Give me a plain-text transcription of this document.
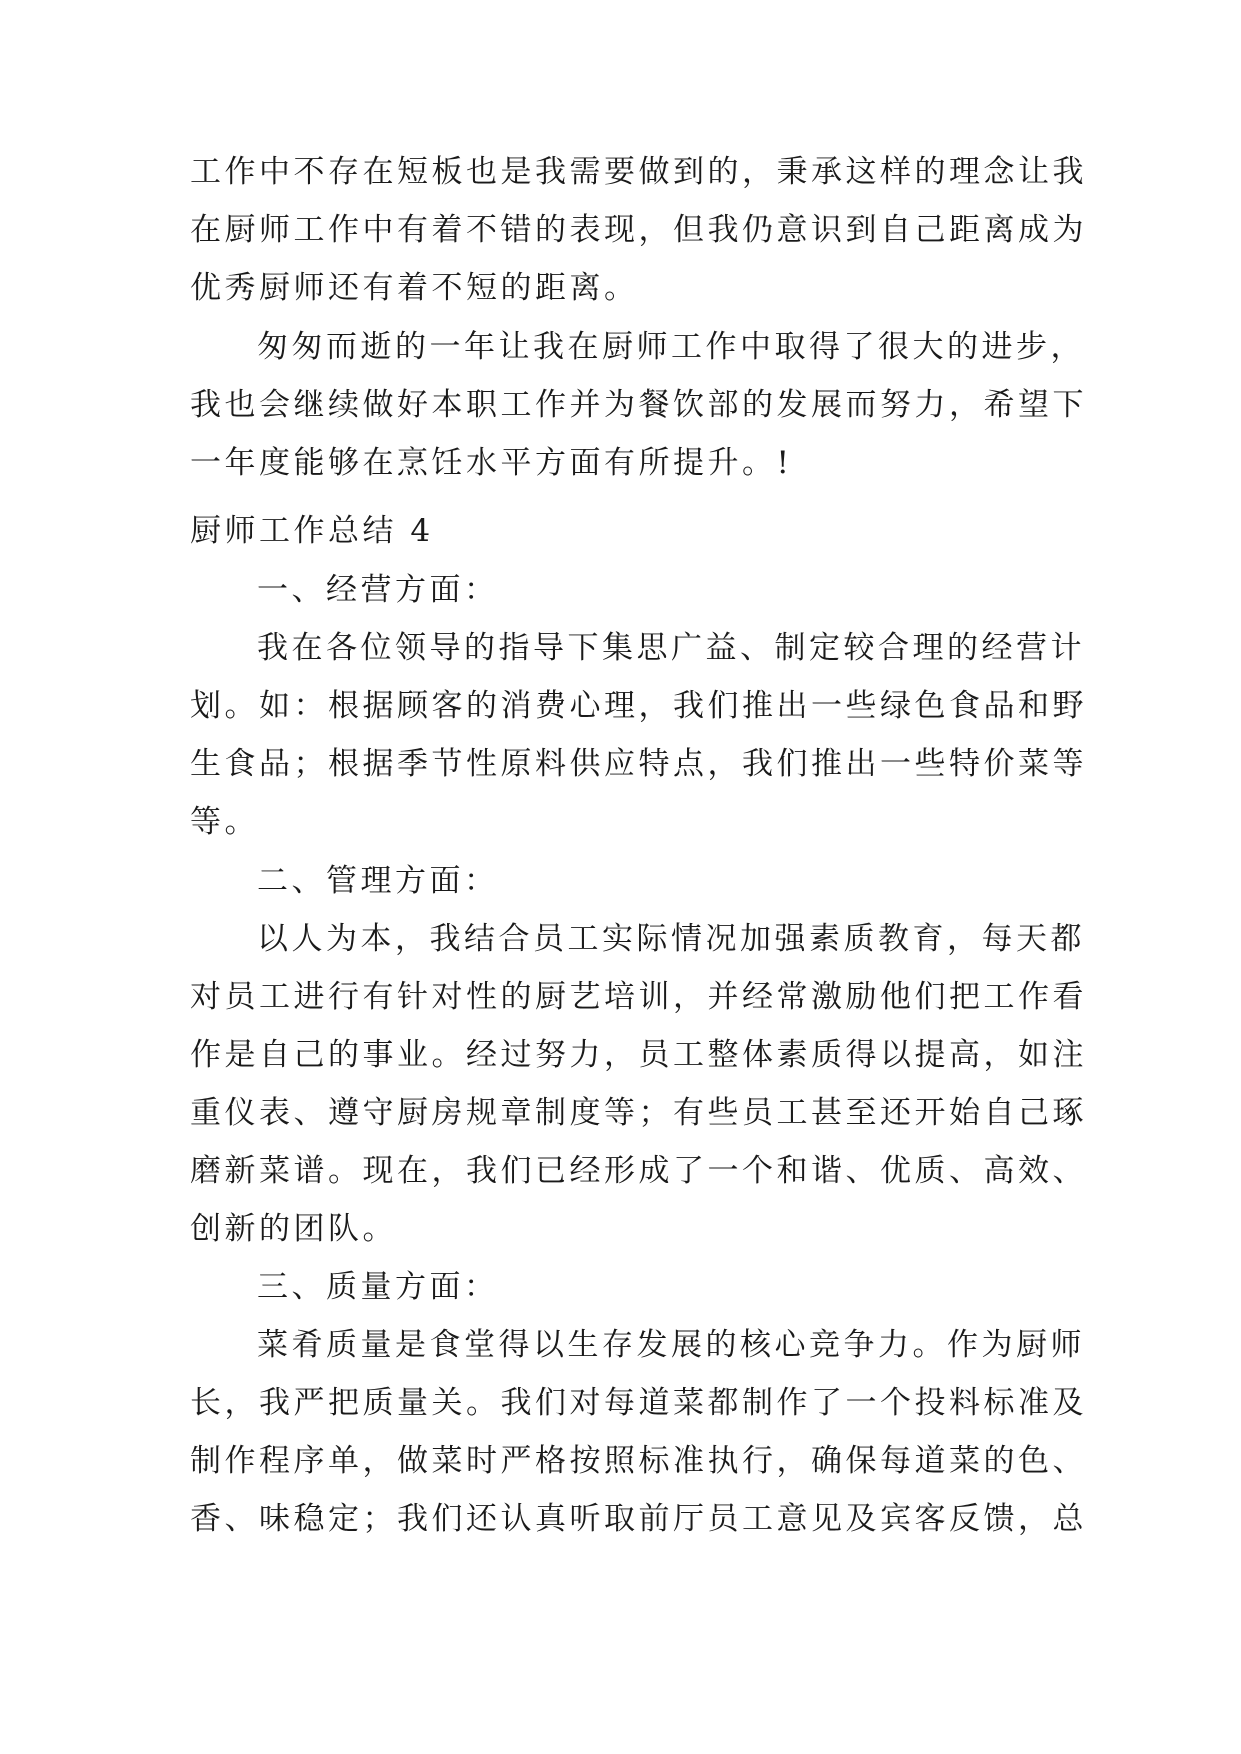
工作中不存在短板也是我需要做到的，秉承这样的理念让我
在厨师工作中有着不错的表现，但我仍意识到自己距离成为
优秀厨师还有着不短的距离。
匆匆而逝的一年让我在厨师工作中取得了很大的进步，
我也会继续做好本职工作并为餐饮部的发展而努力，希望下
一年度能够在烹饪水平方面有所提升。!
厨师工作总结 4
一、经营方面：
我在各位领导的指导下集思广益、制定较合理的经营计
划。如：根据顾客的消费心理，我们推出一些绿色食品和野
生食品；根据季节性原料供应特点，我们推出一些特价菜等
等。
二、管理方面：
以人为本，我结合员工实际情况加强素质教育，每天都
对员工进行有针对性的厨艺培训，并经常激励他们把工作看
作是自己的事业。经过努力，员工整体素质得以提高，如注
重仪表、遵守厨房规章制度等；有些员工甚至还开始自己琢
磨新菜谱。现在，我们已经形成了一个和谐、优质、高效、
创新的团队。
三、质量方面：
菜肴质量是食堂得以生存发展的核心竞争力。作为厨师
长，我严把质量关。我们对每道菜都制作了一个投料标准及
制作程序单，做菜时严格按照标准执行，确保每道菜的色、
香、味稳定；我们还认真听取前厅员工意见及宾客反馈，总
